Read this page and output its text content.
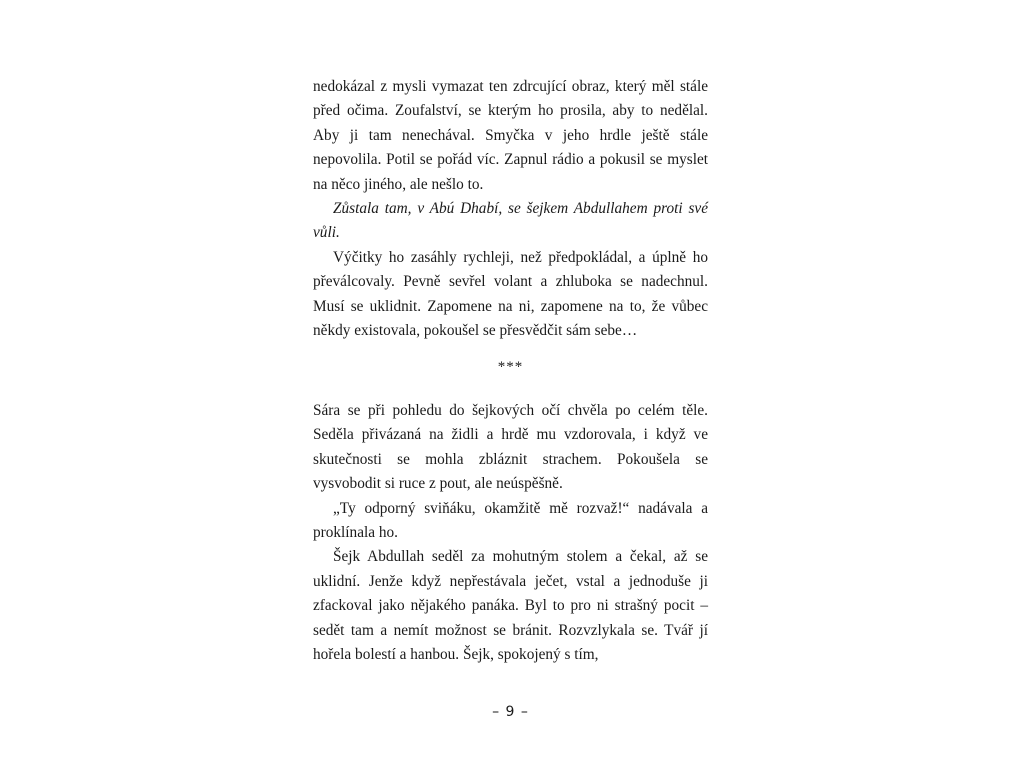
nedokázal z mysli vymazat ten zdrcující obraz, který měl stále před očima. Zoufalství, se kterým ho prosila, aby to nedělal. Aby ji tam nenechával. Smyčka v jeho hrdle ještě stále nepovolila. Potil se pořád víc. Zapnul rádio a pokusil se myslet na něco jiného, ale nešlo to.

Zůstala tam, v Abú Dhabí, se šejkem Abdullahem proti své vůli.

Výčitky ho zasáhly rychleji, než předpokládal, a úplně ho převálcovaly. Pevně sevřel volant a zhluboka se nadechnul. Musí se uklidnit. Zapomene na ni, zapomene na to, že vůbec někdy existovala, pokoušel se přesvědčit sám sebe…

***

Sára se při pohledu do šejkových očí chvěla po celém těle. Seděla přivázaná na židli a hrdě mu vzdorovala, i když ve skutečnosti se mohla zbláznit strachem. Pokoušela se vysvobodit si ruce z pout, ale neúspěšně.

„Ty odporný sviňáku, okamžitě mě rozvaž!“ nadávala a proklínala ho.

Šejk Abdullah seděl za mohutným stolem a čekal, až se uklidní. Jenže když nepřestávala ječet, vstal a jednoduše ji zfackoval jako nějakého panáka. Byl to pro ni strašný pocit – sedět tam a nemít možnost se bránit. Rozvzlykala se. Tvář jí hořela bolestí a hanbou. Šejk, spokojený s tím,

– 9 –
